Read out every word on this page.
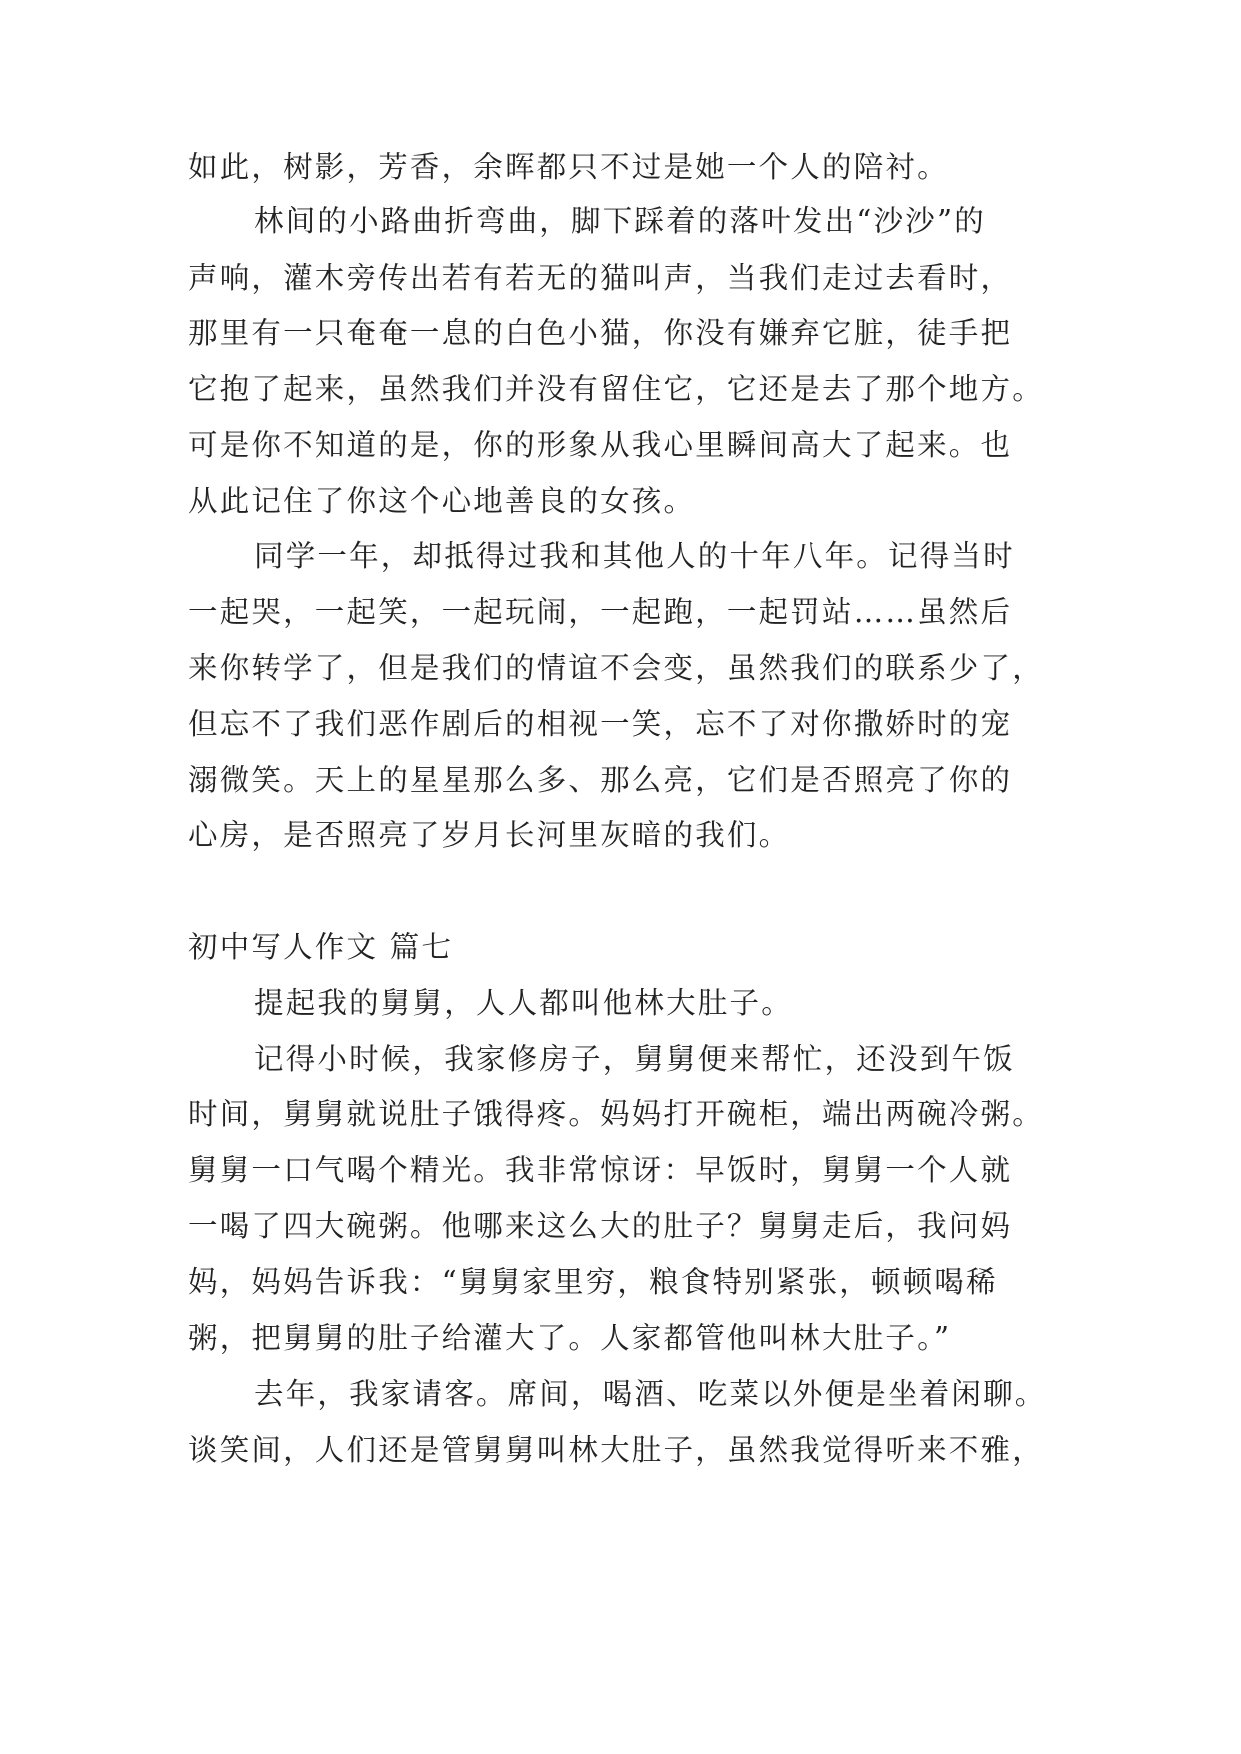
如此，树影，芳香，余晖都只不过是她一个人的陪衬。
林间的小路曲折弯曲，脚下踩着的落叶发出“沙沙”的
声响，灌木旁传出若有若无的猫叫声，当我们走过去看时，
那里有一只奄奄一息的白色小猫，你没有嫌弃它脏，徒手把
它抱了起来，虽然我们并没有留住它，它还是去了那个地方。
可是你不知道的是，你的形象从我心里瞬间高大了起来。也
从此记住了你这个心地善良的女孩。
同学一年，却抵得过我和其他人的十年八年。记得当时
一起哭，一起笑，一起玩闹，一起跑，一起罚站……虽然后
来你转学了，但是我们的情谊不会变，虽然我们的联系少了，
但忘不了我们恶作剧后的相视一笑，忘不了对你撒娇时的宠
溺微笑。天上的星星那么多、那么亮，它们是否照亮了你的
心房，是否照亮了岁月长河里灰暗的我们。
初中写人作文 篇七
提起我的舅舅，人人都叫他林大肚子。
记得小时候，我家修房子，舅舅便来帮忙，还没到午饭
时间，舅舅就说肚子饿得疼。妈妈打开碗柜，端出两碗冷粥。
舅舅一口气喝个精光。我非常惊讶：早饭时，舅舅一个人就
一喝了四大碗粥。他哪来这么大的肚子？舅舅走后，我问妈
妈，妈妈告诉我：“舅舅家里穷，粮食特别紧张，顿顿喝稀
粥，把舅舅的肚子给灌大了。人家都管他叫林大肚子。”
去年，我家请客。席间，喝酒、吃菜以外便是坐着闲聊。
谈笑间，人们还是管舅舅叫林大肚子，虽然我觉得听来不雅，
